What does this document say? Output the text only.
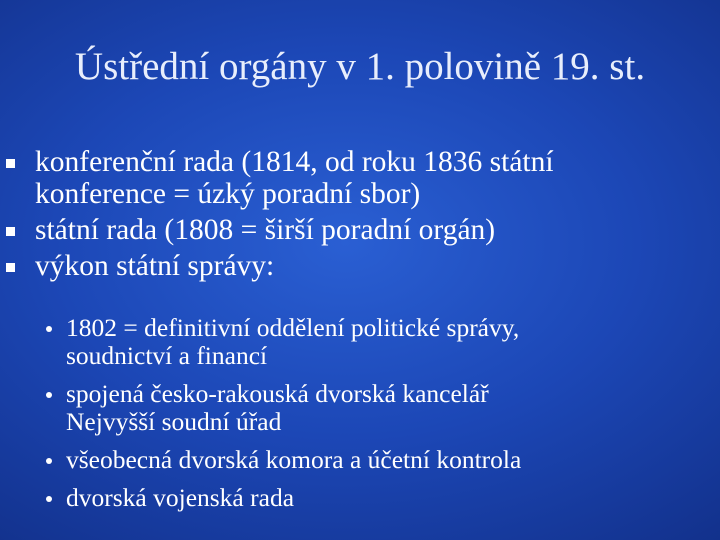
Ústřední orgány v 1. polovině 19. st.
konferenční rada (1814, od roku 1836 státní
konference = úzký poradní sbor)
státní rada (1808 = širší poradní orgán)
výkon státní správy:
1802 = definitivní oddělení politické správy,
soudnictví a financí
spojená česko-rakouská dvorská kancelář
Nejvyšší soudní úřad
všeobecná dvorská komora a účetní kontrola
dvorská vojenská rada
